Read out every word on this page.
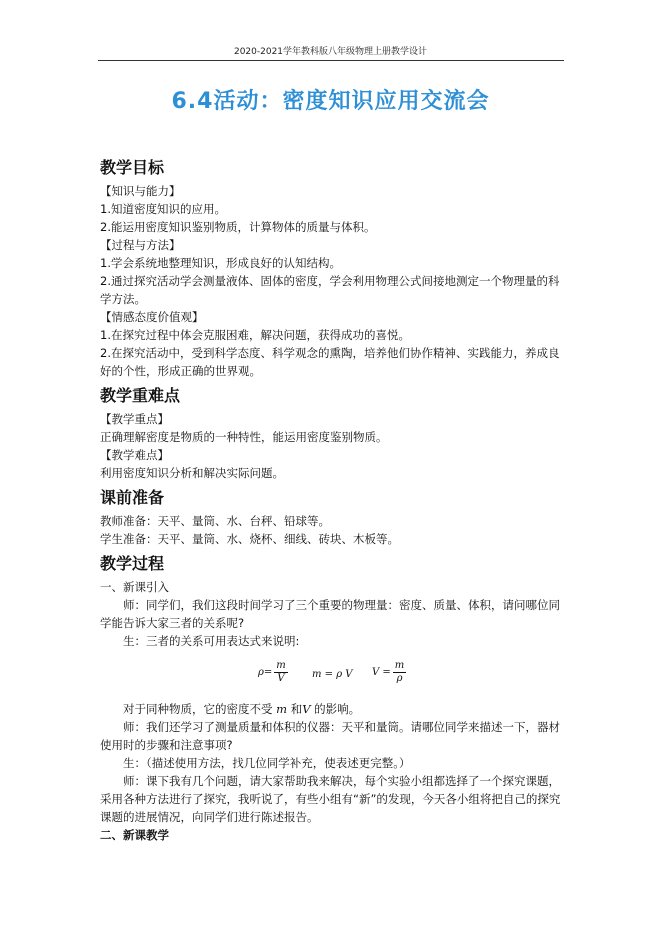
2020-2021学年教科版八年级物理上册教学设计
6.4活动：密度知识应用交流会
教学目标

【知识与能力】

1.知道密度知识的应用。

2.能运用密度知识鉴别物质，计算物体的质量与体积。

【过程与方法】

1.学会系统地整理知识，形成良好的认知结构。

2.通过探究活动学会测量液体、固体的密度，学会利用物理公式间接地测定一个物理量的科学方法。

【情感态度价值观】

1.在探究过程中体会克服困难，解决问题，获得成功的喜悦。

2.在探究活动中，受到科学态度、科学观念的熏陶，培养他们协作精神、实践能力，养成良好的个性，形成正确的世界观。

教学重难点

【教学重点】

正确理解密度是物质的一种特性，能运用密度鉴别物质。

【教学难点】

利用密度知识分析和解决实际问题。

课前准备

教师准备：天平、量筒、水、台秤、铅球等。

学生准备：天平、量筒、水、烧杯、细线、砖块、木板等。

教学过程

一、新课引入

师：同学们，我们这段时间学习了三个重要的物理量：密度、质量、体积，请问哪位同学能告诉大家三者的关系呢?

生：三者的关系可用表达式来说明:

$\rho= \frac{m}{V}$ m = ρ V $V = \frac{m}{\rho}$

对于同种物质，它的密度不受 m 和V 的影响。

师：我们还学习了测量质量和体积的仪器：天平和量筒。请哪位同学来描述一下，器材使用时的步骤和注意事项?

生：（描述使用方法，找几位同学补充，使表述更完整。）

师：课下我有几个问题，请大家帮助我来解决，每个实验小组都选择了一个探究课题，采用各种方法进行了探究，我听说了，有些小组有“新”的发现，今天各小组将把自己的探究课题的进展情况，向同学们进行陈述报告。

二、新课教学
